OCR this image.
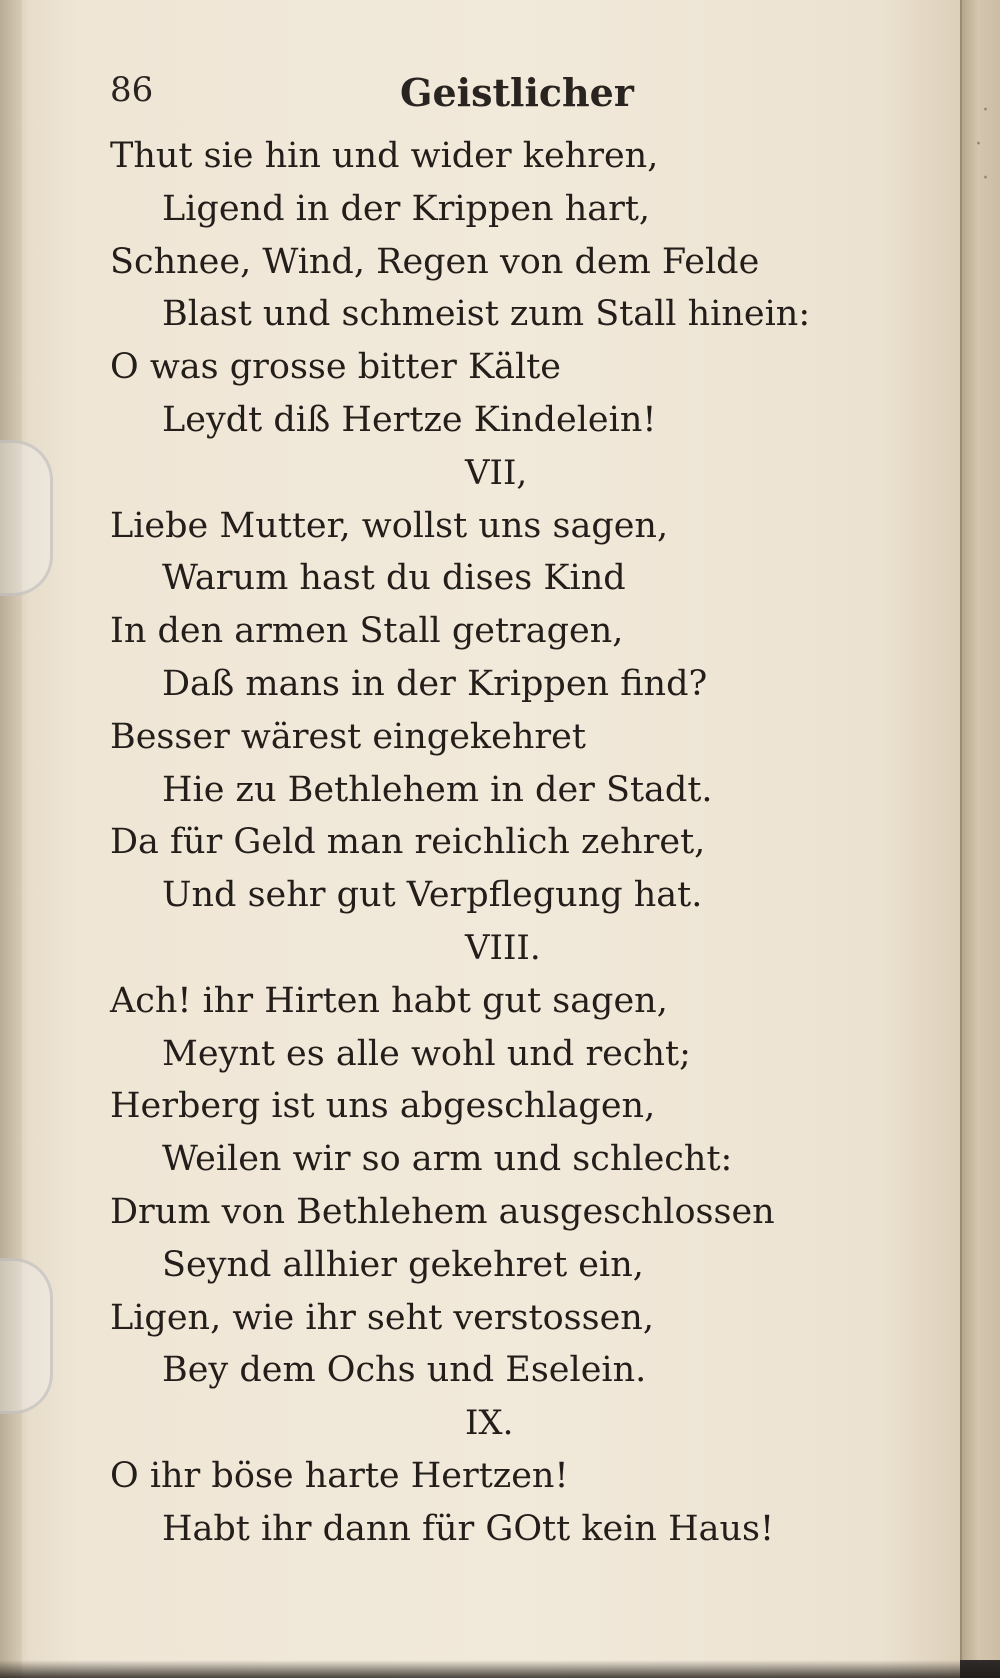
86	Geistlicher
Thut sie hin und wider kehren,
Ligend in der Krippen hart,
Schnee, Wind, Regen von dem Felde
Blast und schmeist zum Stall hinein:
O was grosse bitter Kälte
Leydt diß Hertze Kindelein!
VII,
Liebe Mutter, wollst uns sagen,
Warum hast du dises Kind
In den armen Stall getragen,
Daß mans in der Krippen find?
Besser wärest eingekehret
Hie zu Bethlehem in der Stadt.
Da für Geld man reichlich zehret,
Und sehr gut Verpflegung hat.
VIII.
Ach! ihr Hirten habt gut sagen,
Meynt es alle wohl und recht;
Herberg ist uns abgeschlagen,
Weilen wir so arm und schlecht:
Drum von Bethlehem ausgeschlossen
Seynd allhier gekehret ein,
Ligen, wie ihr seht verstossen,
Bey dem Ochs und Eselein.
IX.
O ihr böse harte Hertzen!
Habt ihr dann für GOtt kein Haus!

·
·
·
